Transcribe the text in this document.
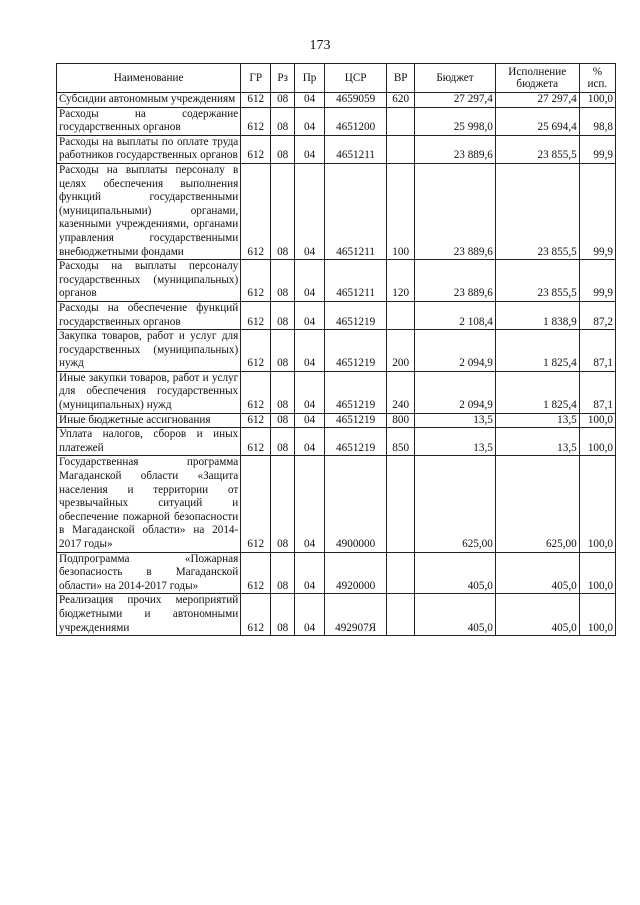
173
Наименование	ГР	Рз	Пр	ЦСР	ВР	Бюджет	Исполнение бюджета	% исп.
Субсидии автономным учреждениям	612	08	04	4659059	620	27 297,4	27 297,4	100,0
Расходы на содержание государственных органов	612	08	04	4651200		25 998,0	25 694,4	98,8
Расходы на выплаты по оплате труда работников государственных органов	612	08	04	4651211		23 889,6	23 855,5	99,9
Расходы на выплаты персоналу в целях обеспечения выполнения функций государственными (муниципальными) органами, казенными учреждениями, органами управления государственными внебюджетными фондами	612	08	04	4651211	100	23 889,6	23 855,5	99,9
Расходы на выплаты персоналу государственных (муниципальных) органов	612	08	04	4651211	120	23 889,6	23 855,5	99,9
Расходы на обеспечение функций государственных органов	612	08	04	4651219		2 108,4	1 838,9	87,2
Закупка товаров, работ и услуг для государственных (муниципальных) нужд	612	08	04	4651219	200	2 094,9	1 825,4	87,1
Иные закупки товаров, работ и услуг для обеспечения государственных (муниципальных) нужд	612	08	04	4651219	240	2 094,9	1 825,4	87,1
Иные бюджетные ассигнования	612	08	04	4651219	800	13,5	13,5	100,0
Уплата налогов, сборов и иных платежей	612	08	04	4651219	850	13,5	13,5	100,0
Государственная программа Магаданской области «Защита населения и территории от чрезвычайных ситуаций и обеспечение пожарной безопасности в Магаданской области» на 2014-2017 годы»	612	08	04	4900000		625,00	625,00	100,0
Подпрограмма «Пожарная безопасность в Магаданской области» на 2014-2017 годы»	612	08	04	4920000		405,0	405,0	100,0
Реализация прочих мероприятий бюджетными и автономными учреждениями	612	08	04	492907Я		405,0	405,0	100,0
